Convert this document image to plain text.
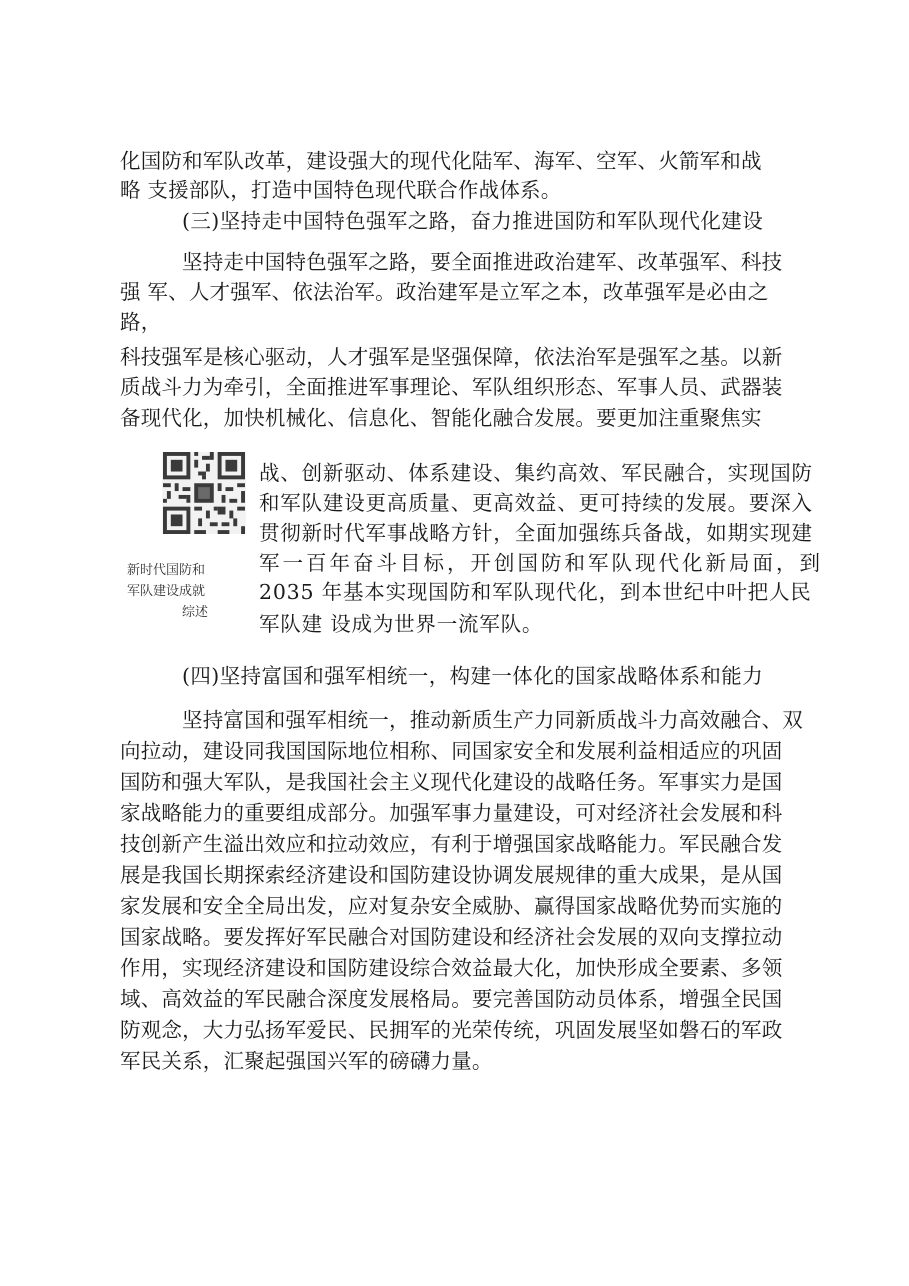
化国防和军队改革，建设强大的现代化陆军、海军、空军、火箭军和战
略 支援部队，打造中国特色现代联合作战体系。
(三)坚持走中国特色强军之路，奋力推进国防和军队现代化建设
坚持走中国特色强军之路，要全面推进政治建军、改革强军、科技
强 军、人才强军、依法治军。政治建军是立军之本，改革强军是必由之
路，
科技强军是核心驱动，人才强军是坚强保障，依法治军是强军之基。以新
质战斗力为牵引，全面推进军事理论、军队组织形态、军事人员、武器装
备现代化，加快机械化、信息化、智能化融合发展。要更加注重聚焦实
新时代国防和
军队建设成就
综述
战、创新驱动、体系建设、集约高效、军民融合，实现国防
和军队建设更高质量、更高效益、更可持续的发展。要深入
贯彻新时代军事战略方针，全面加强练兵备战，如期实现建
军一百年奋斗目标，开创国防和军队现代化新局面，到
2035 年基本实现国防和军队现代化，到本世纪中叶把人民
军队建 设成为世界一流军队。
(四)坚持富国和强军相统一，构建一体化的国家战略体系和能力
坚持富国和强军相统一，推动新质生产力同新质战斗力高效融合、双
向拉动，建设同我国国际地位相称、同国家安全和发展利益相适应的巩固
国防和强大军队，是我国社会主义现代化建设的战略任务。军事实力是国
家战略能力的重要组成部分。加强军事力量建设，可对经济社会发展和科
技创新产生溢出效应和拉动效应，有利于增强国家战略能力。军民融合发
展是我国长期探索经济建设和国防建设协调发展规律的重大成果，是从国
家发展和安全全局出发，应对复杂安全威胁、赢得国家战略优势而实施的
国家战略。要发挥好军民融合对国防建设和经济社会发展的双向支撑拉动
作用，实现经济建设和国防建设综合效益最大化，加快形成全要素、多领
域、高效益的军民融合深度发展格局。要完善国防动员体系，增强全民国
防观念，大力弘扬军爱民、民拥军的光荣传统，巩固发展坚如磐石的军政
军民关系，汇聚起强国兴军的磅礴力量。
